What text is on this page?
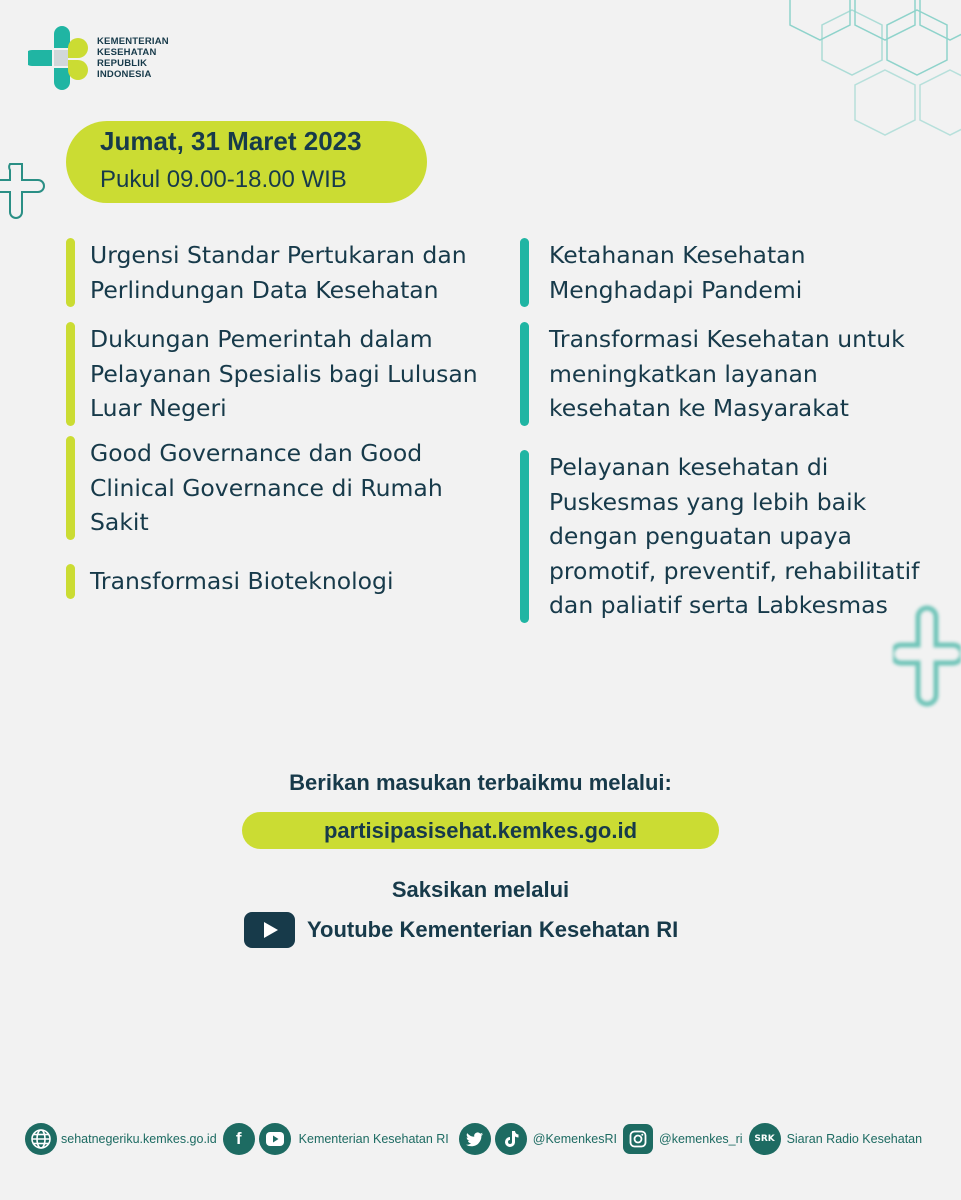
KEMENTERIAN
KESEHATAN
REPUBLIK
INDONESIA
Jumat, 31 Maret 2023
Pukul 09.00-18.00 WIB
Urgensi Standar Pertukaran dan
Perlindungan Data Kesehatan
Dukungan Pemerintah dalam
Pelayanan Spesialis bagi Lulusan
Luar Negeri
Good Governance dan Good
Clinical Governance di Rumah
Sakit
Transformasi Bioteknologi
Ketahanan Kesehatan
Menghadapi Pandemi
Transformasi Kesehatan untuk
meningkatkan layanan
kesehatan ke Masyarakat
Pelayanan kesehatan di
Puskesmas yang lebih baik
dengan penguatan upaya
promotif, preventif, rehabilitatif
dan paliatif serta Labkesmas
Berikan masukan terbaikmu melalui:
partisipasisehat.kemkes.go.id
Saksikan melalui
Youtube Kementerian Kesehatan RI
sehatnegeriku.kemkes.go.id	f	Kementerian Kesehatan RI	@KemenkesRI	@kemenkes_ri SRK Siaran Radio Kesehatan
